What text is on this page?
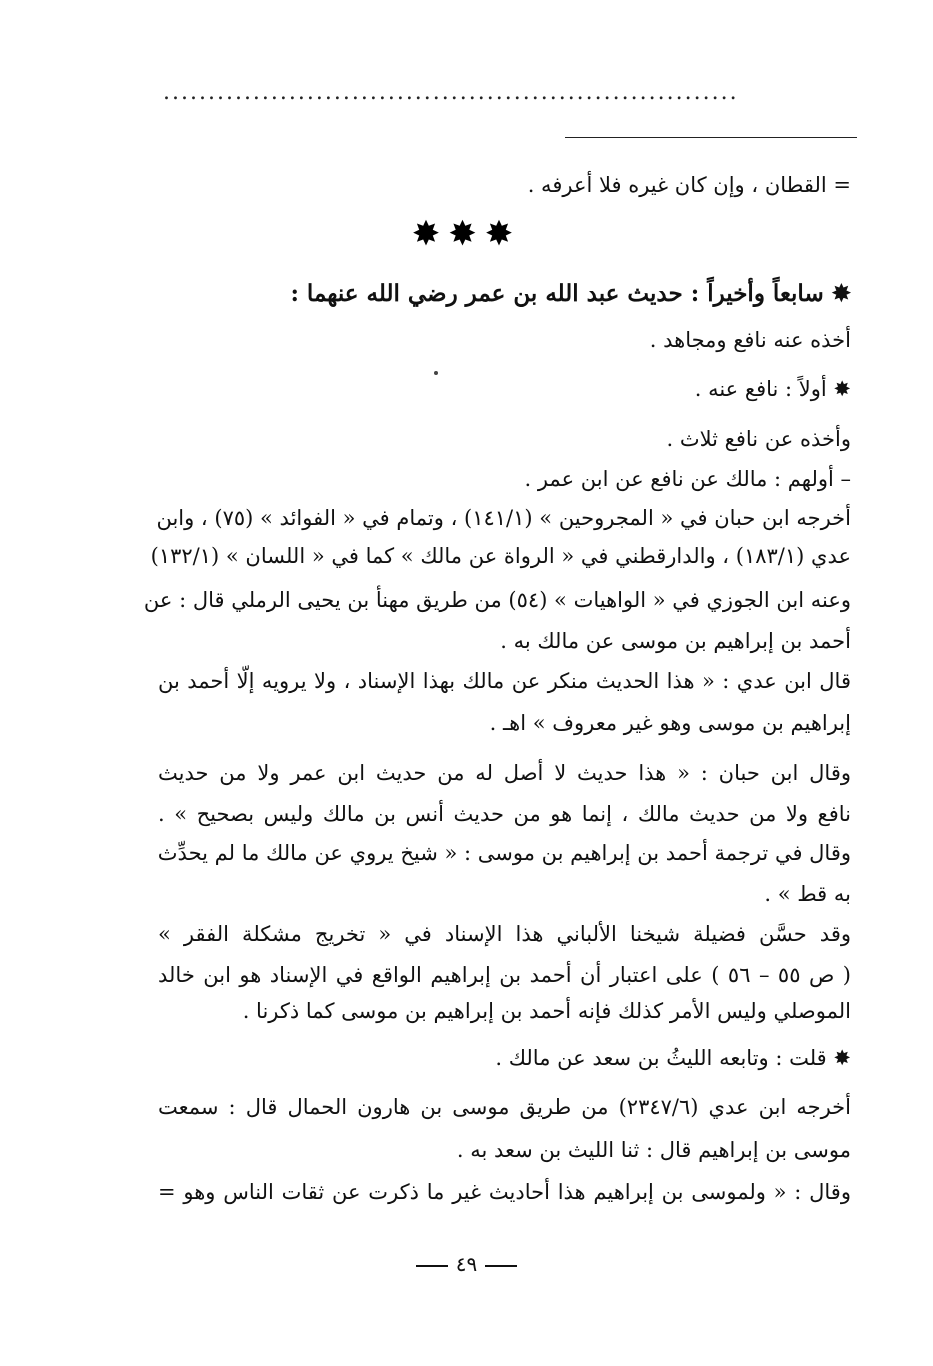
................................................................
= القطان ، وإن كان غيره فلا أعرفه .
✸✸✸
✸ سابعاً وأخيراً : حديث عبد الله بن عمر رضي الله عنهما :
أخذه عنه نافع ومجاهد .
✸ أولاً : نافع عنه .
وأخذه عن نافع ثلاث .
– أولهم : مالك عن نافع عن ابن عمر .
أخرجه ابن حبان في « المجروحين » (١٤١/١) ، وتمام في « الفوائد » (٧٥) ، وابن
عدي (١٨٣/١) ، والدارقطني في « الرواة عن مالك » كما في « اللسان » (١٣٢/١)
وعنه ابن الجوزي في « الواهيات » (٥٤) من طريق مهنأ بن يحيى الرملي قال : عن
أحمد بن إبراهيم بن موسى عن مالك به .
قال ابن عدي : « هذا الحديث منكر عن مالك بهذا الإسناد ، ولا يرويه إلّا أحمد بن
إبراهيم بن موسى وهو غير معروف » اهـ .
وقال ابن حبان : « هذا حديث لا أصل له من حديث ابن عمر ولا من حديث
نافع ولا من حديث مالك ، إنما هو من حديث أنس بن مالك وليس بصحيح » .
وقال في ترجمة أحمد بن إبراهيم بن موسى : « شيخ يروي عن مالك ما لم يحدِّث
به قط » .
وقد حسَّن فضيلة شيخنا الألباني هذا الإسناد في « تخريج مشكلة الفقر »
( ص ٥٥ – ٥٦ ) على اعتبار أن أحمد بن إبراهيم الواقع في الإسناد هو ابن خالد
الموصلي وليس الأمر كذلك فإنه أحمد بن إبراهيم بن موسى كما ذكرنا .
✸ قلت : وتابعه الليثُ بن سعد عن مالك .
أخرجه ابن عدي (٢٣٤٧/٦) من طريق موسى بن هارون الحمال قال : سمعت
موسى بن إبراهيم قال : ثنا الليث بن سعد به .
وقال : « ولموسى بن إبراهيم هذا أحاديث غير ما ذكرت عن ثقات الناس وهو =
٤٩
